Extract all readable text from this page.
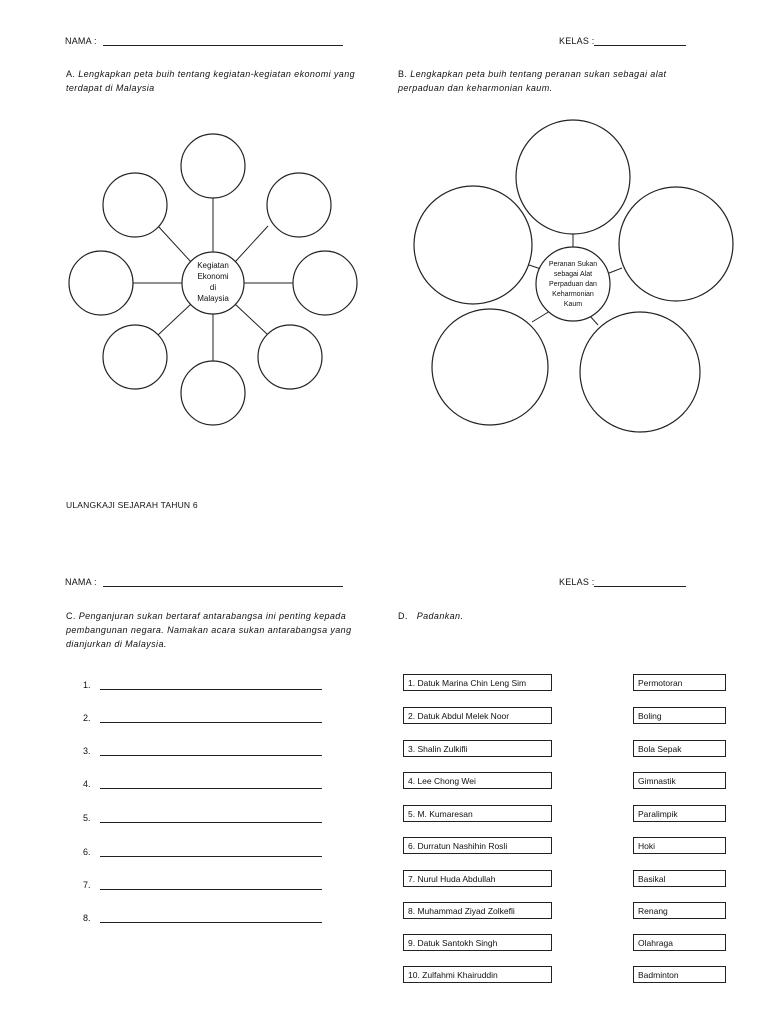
NAMA :	KELAS :
A. Lengkapkan peta buih tentang kegiatan-kegiatan ekonomi yang terdapat di Malaysia
B. Lengkapkan peta buih tentang peranan sukan sebagai alat perpaduan dan keharmonian kaum.
Kegiatan
Ekonomi
di
Malaysia
Peranan Sukan
sebagai Alat
Perpaduan dan
Keharmonian
Kaum
ULANGKAJI SEJARAH TAHUN 6
NAMA :	KELAS :
C. Penganjuran sukan bertaraf antarabangsa ini penting kepada pembangunan negara. Namakan acara sukan antarabangsa yang dianjurkan di Malaysia.
D. Padankan.
1.
2.
3.
4.
5.
6.
7.
8.
1. Datuk Marina Chin Leng Sim
2. Datuk Abdul Melek Noor
3. Shalin Zulkifli
4. Lee Chong Wei
5. M. Kumaresan
6. Durratun Nashihin Rosli
7. Nurul Huda Abdullah
8. Muhammad Ziyad Zolkefli
9. Datuk Santokh Singh
10. Zulfahmi Khairuddin
Permotoran
Boling
Bola Sepak
Gimnastik
Paralimpik
Hoki
Basikal
Renang
Olahraga
Badminton
